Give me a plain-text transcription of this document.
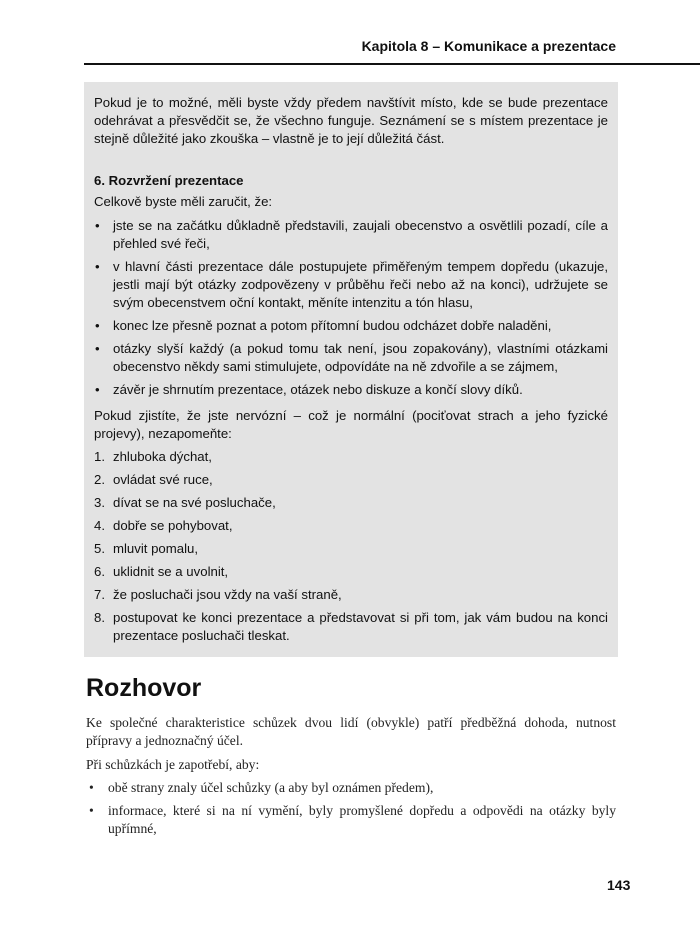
Kapitola 8 – Komunikace a prezentace

Pokud je to možné, měli byste vždy předem navštívit místo, kde se bude prezentace odehrávat a přesvědčit se, že všechno funguje. Seznámení se s místem prezentace je stejně důležité jako zkouška – vlastně je to její důležitá část.

6. Rozvržení prezentace

Celkově byste měli zaručit, že:

• jste se na začátku důkladně představili, zaujali obecenstvo a osvětlili pozadí, cíle a přehled své řeči,
• v hlavní části prezentace dále postupujete přiměřeným tempem dopředu (ukazuje, jestli mají být otázky zodpovězeny v průběhu řeči nebo až na konci), udržujete se svým obecenstvem oční kontakt, měníte intenzitu a tón hlasu,
• konec lze přesně poznat a potom přítomní budou odcházet dobře naladěni,
• otázky slyší každý (a pokud tomu tak není, jsou zopakovány), vlastními otázkami obecenstvo někdy sami stimulujete, odpovídáte na ně zdvořile a se zájmem,
• závěr je shrnutím prezentace, otázek nebo diskuze a končí slovy díků.

Pokud zjistíte, že jste nervózní – což je normální (pociťovat strach a jeho fyzické projevy), nezapomeňte:

1. zhluboka dýchat,
2. ovládat své ruce,
3. dívat se na své posluchače,
4. dobře se pohybovat,
5. mluvit pomalu,
6. uklidnit se a uvolnit,
7. že posluchači jsou vždy na vaší straně,
8. postupovat ke konci prezentace a představovat si při tom, jak vám budou na konci prezentace posluchači tleskat.
Rozhovor

Ke společné charakteristice schůzek dvou lidí (obvykle) patří předběžná dohoda, nutnost přípravy a jednoznačný účel.

Při schůzkách je zapotřebí, aby:

• obě strany znaly účel schůzky (a aby byl oznámen předem),
• informace, které si na ní vymění, byly promyšlené dopředu a odpovědi na otázky byly upřímné,
143
